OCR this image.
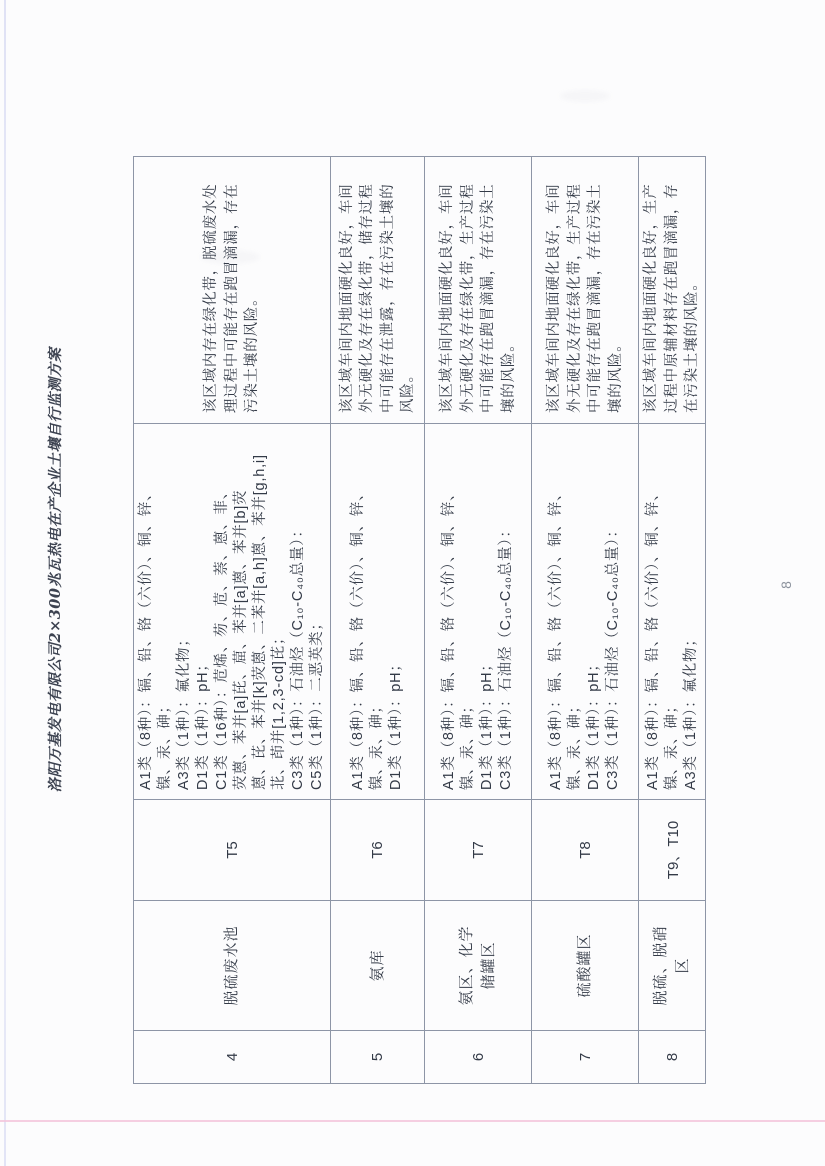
洛阳万基发电有限公司2×300兆瓦热电在产企业土壤自行监测方案
4
脱硫废水池
T5
A1类（8种）：镉、铅、铬（六价）、铜、锌、 镍、汞、砷； A3类（1种）：氟化物； D1类（1种）：pH； C1类（16种）：苊烯、芴、苊、萘、蒽、菲、 荧蒽、苯并[a]芘、䓛、苯并[a]蒽、苯并[b]荧 蒽、芘、苯并[k]荧蒽、二苯并[a,h]蒽、苯并[g,h,i] 苝、茚并[1,2,3-cd]芘； C3类（1种）：石油烃（C₁₀-C₄₀总量）： C5类（1种）：二恶英类；
该区域内存在绿化带，脱硫废水处 理过程中可能存在跑冒滴漏，存在 污染土壤的风险。
5
氨库
T6
A1类（8种）：镉、铅、铬（六价）、铜、锌、 镍、汞、砷； D1类（1种）：pH；
该区域车间内地面硬化良好，车间 外无硬化及存在绿化带，储存过程 中可能存在泄露，存在污染土壤的 风险。
6
氨区、化学 储罐区
T7
A1类（8种）：镉、铅、铬（六价）、铜、锌、 镍、汞、砷； D1类（1种）：pH； C3类（1种）：石油烃（C₁₀-C₄₀总量）：
该区域车间内地面硬化良好，车间 外无硬化及存在绿化带，生产过程 中可能存在跑冒滴漏，存在污染土 壤的风险。
7
硫酸罐区
T8
A1类（8种）：镉、铅、铬（六价）、铜、锌、 镍、汞、砷； D1类（1种）：pH； C3类（1种）：石油烃（C₁₀-C₄₀总量）：
该区域车间内地面硬化良好，车间 外无硬化及存在绿化带，生产过程 中可能存在跑冒滴漏，存在污染土 壤的风险。
8
脱硫、脱硝 区
T9、T10
A1类（8种）：镉、铅、铬（六价）、铜、锌、 镍、汞、砷； A3类（1种）：氟化物；
该区域车间内地面硬化良好，生产 过程中原辅材料存在跑冒滴漏，存 在污染土壤的风险。
8
